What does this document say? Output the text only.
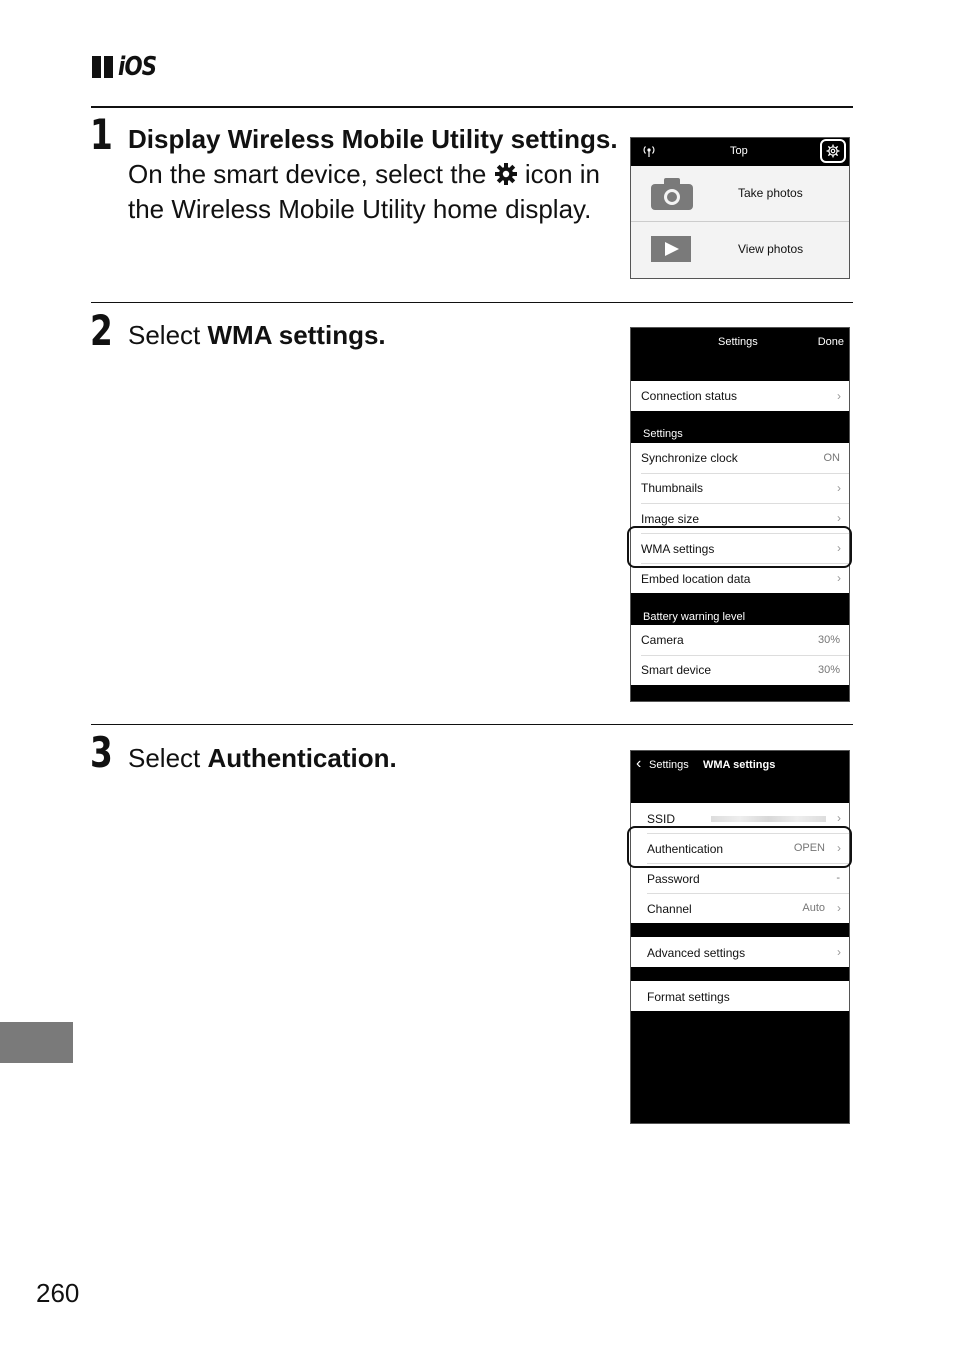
iOS
1 Display Wireless Mobile Utility settings.
On the smart device, select the icon in the Wireless Mobile Utility home display.
Top
Take photos
View photos
2 Select WMA settings.	Settings	Done
Connection status	›
Settings
Synchronize clock	ON
Thumbnails	›
Image size	›
WMA settings	›
Embed location data	›
Battery warning level
Camera	30%
Smart device	30%
3 Select Authentication.	‹ Settings WMA settings
SSID	›
Authentication	OPEN ›
Password	-
Channel	Auto ›
Advanced settings	›
Format settings
260
